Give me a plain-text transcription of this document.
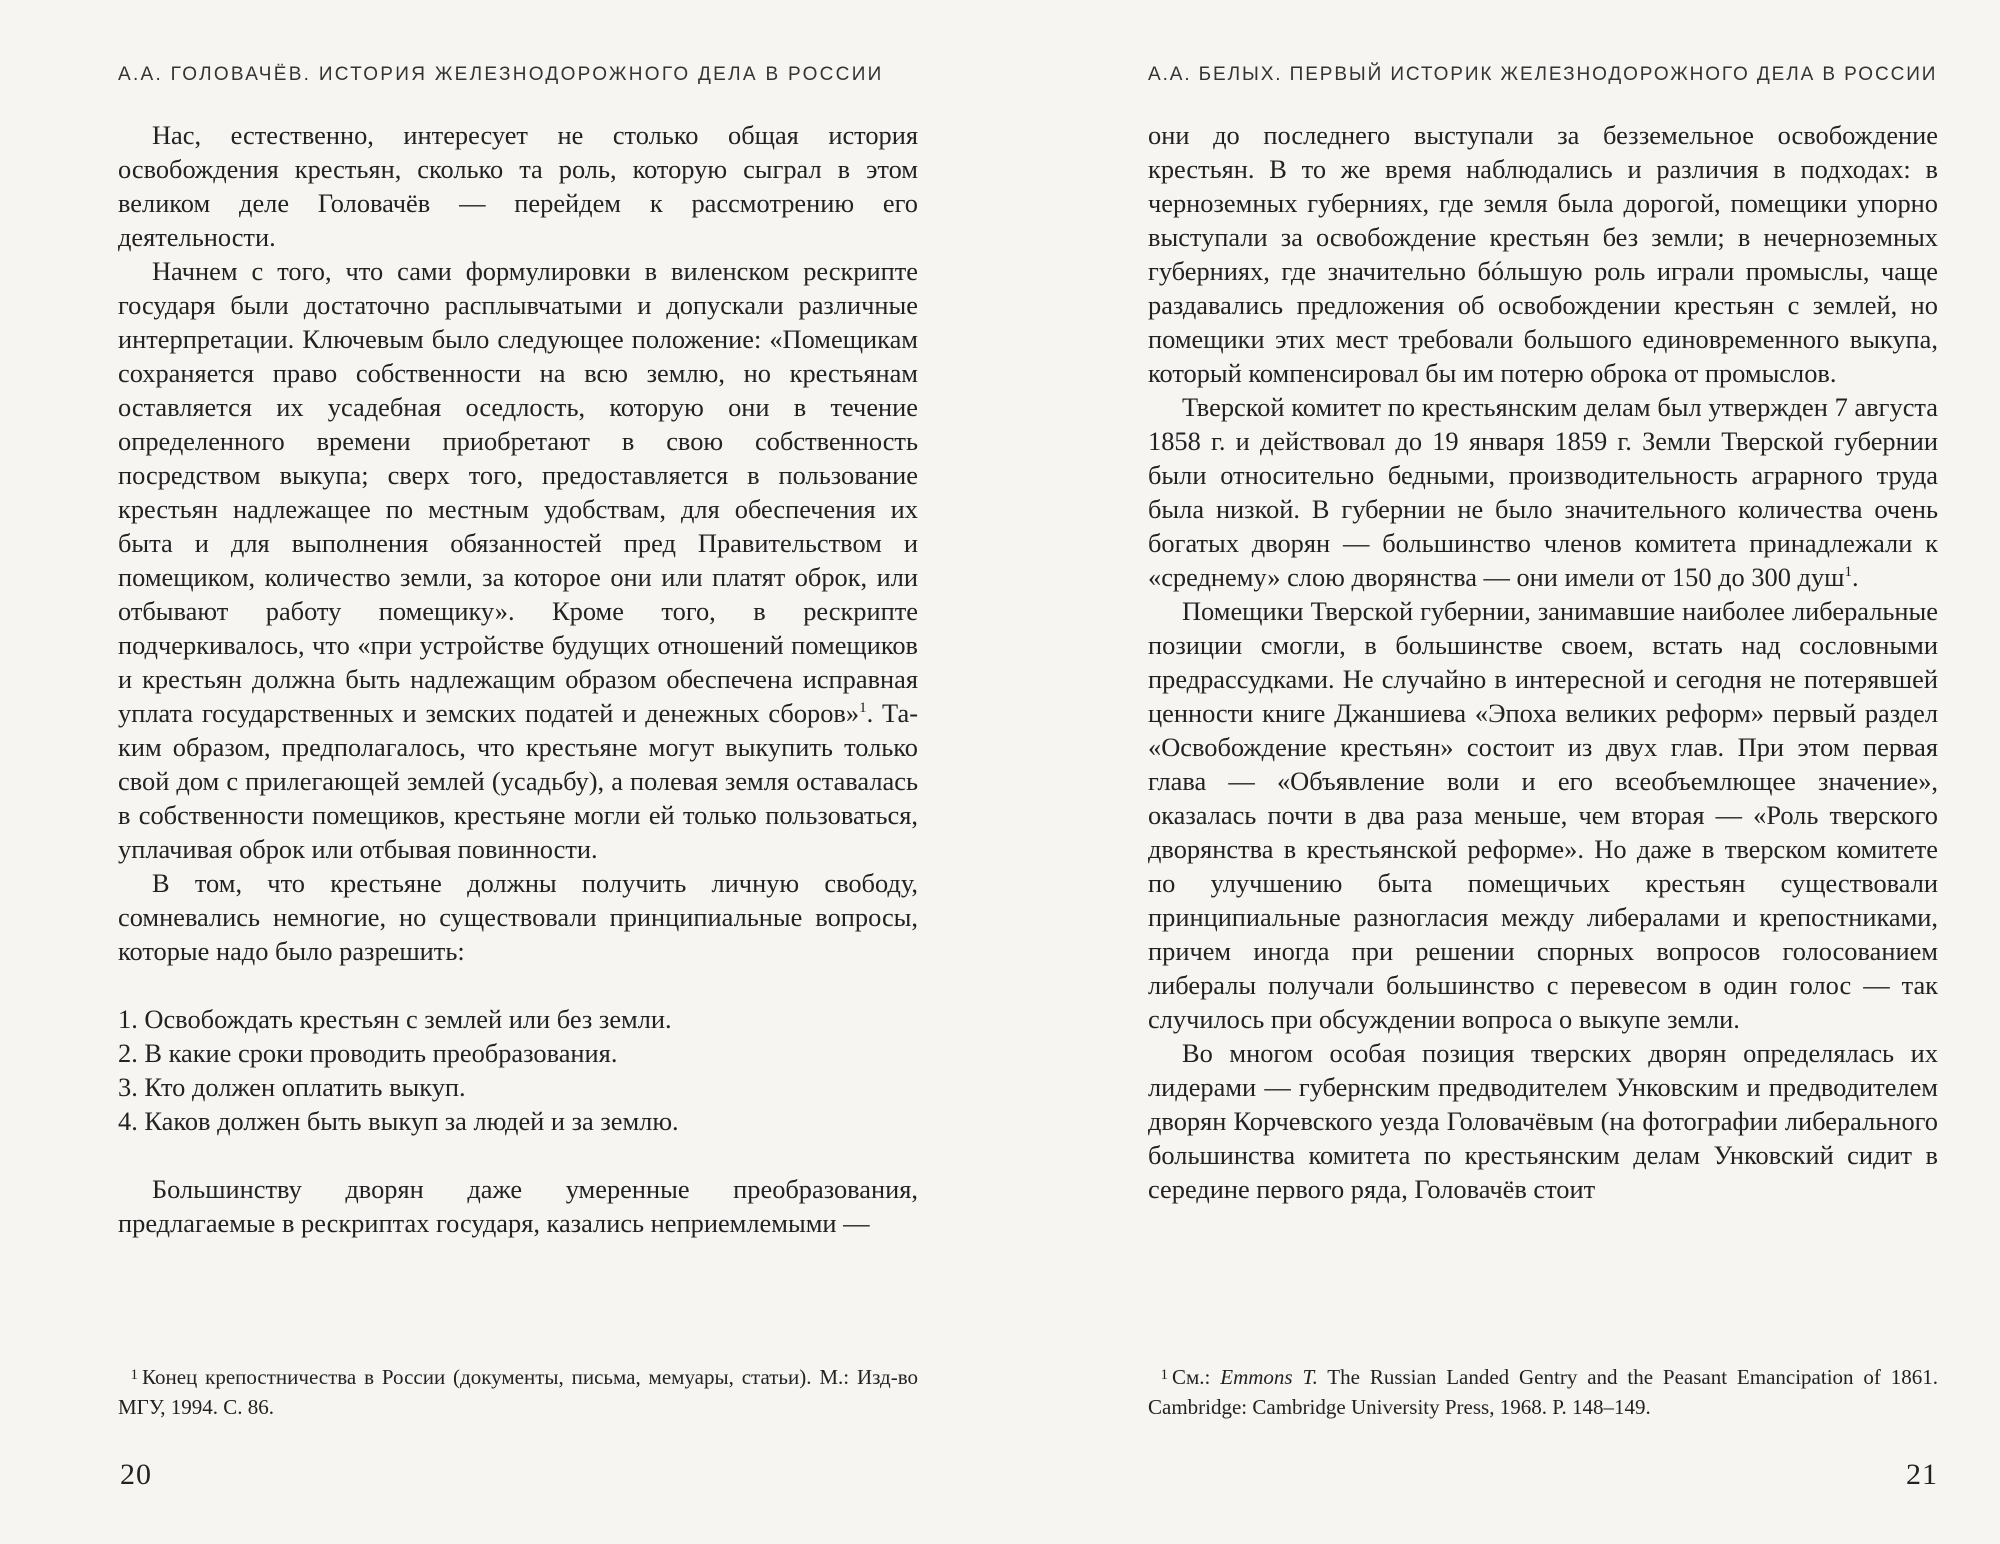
А.А. ГОЛОВАЧЁВ. ИСТОРИЯ ЖЕЛЕЗНОДОРОЖНОГО ДЕЛА В РОССИИ

Нас, естественно, интересует не столько общая история освобождения крестьян, сколько та роль, которую сыграл в этом великом деле Головачёв — перейдем к рассмотрению его деятельности.

Начнем с того, что сами формулировки в виленском рескрипте государя были достаточно расплывчатыми и допускали различные интерпретации. Ключевым было следующее положение: «Помещикам сохраняется право собственности на всю землю, но крестьянам оставляется их усадебная оседлость, которую они в течение определенного времени приобретают в свою собственность посредством выкупа; сверх того, предоставляется в пользование крестьян надлежащее по местным удобствам, для обеспечения их быта и для выполнения обязанностей пред Правительством и помещиком, количество земли, за которое они или платят оброк, или отбывают работу помещику». Кроме того, в рескрипте подчеркивалось, что «при устройстве будущих отношений помещиков и крестьян должна быть надлежащим образом обеспечена исправная уплата государственных и земских податей и денежных сборов»$^1$. Та- ким образом, предполагалось, что крестьяне могут выкупить только свой дом с прилегающей землей (усадьбу), а полевая земля оставалась в собственности помещиков, крестьяне могли ей только пользоваться, уплачивая оброк или отбывая повинности.

В том, что крестьяне должны получить личную свободу, сомневались немногие, но существовали принципиальные вопросы, которые надо было разрешить:

1. Освобождать крестьян с землей или без земли.
2. В какие сроки проводить преобразования.
3. Кто должен оплатить выкуп.
4. Каков должен быть выкуп за людей и за землю.

Большинству дворян даже умеренные преобразования, предлагаемые в рескриптах государя, казались неприемлемыми —

1 Конец крепостничества в России (документы, письма, мемуары, статьи). М.: Изд-во МГУ, 1994. С. 86.
20
А.А. БЕЛЫХ. ПЕРВЫЙ ИСТОРИК ЖЕЛЕЗНОДОРОЖНОГО ДЕЛА В РОССИИ

они до последнего выступали за безземельное освобождение крестьян. В то же время наблюдались и различия в подходах: в черноземных губерниях, где земля была дорогой, помещики упорно выступали за освобождение крестьян без земли; в нечерноземных губерниях, где значительно бóльшую роль играли промыслы, чаще раздавались предложения об освобождении крестьян с землей, но помещики этих мест требовали большого единовременного выкупа, который компенсировал бы им потерю оброка от промыслов.

Тверской комитет по крестьянским делам был утвержден 7 августа 1858 г. и действовал до 19 января 1859 г. Земли Тверской губернии были относительно бедными, производительность аграрного труда была низкой. В губернии не было значительного количества очень богатых дворян — большинство членов комитета принадлежали к «среднему» слою дворянства — они имели от 150 до 300 душ$^1$.

Помещики Тверской губернии, занимавшие наиболее либеральные позиции смогли, в большинстве своем, встать над сословными предрассудками. Не случайно в интересной и сегодня не потерявшей ценности книге Джаншиева «Эпоха великих реформ» первый раздел «Освобождение крестьян» состоит из двух глав. При этом первая глава — «Объявление воли и его всеобъемлющее значение», оказалась почти в два раза меньше, чем вторая — «Роль тверского дворянства в крестьянской реформе». Но даже в тверском комитете по улучшению быта помещичьих крестьян существовали принципиальные разногласия между либералами и крепостниками, причем иногда при решении спорных вопросов голосованием либералы получали большинство с перевесом в один голос — так случилось при обсуждении вопроса о выкупе земли.

Во многом особая позиция тверских дворян определялась их лидерами — губернским предводителем Унковским и предводителем дворян Корчевского уезда Головачёвым (на фотографии либерального большинства комитета по крестьянским делам Унковский сидит в середине первого ряда, Головачёв стоит

1 См.: Emmons T. The Russian Landed Gentry and the Peasant Emancipation of 1861. Cambridge: Cambridge University Press, 1968. P. 148–149.
21
